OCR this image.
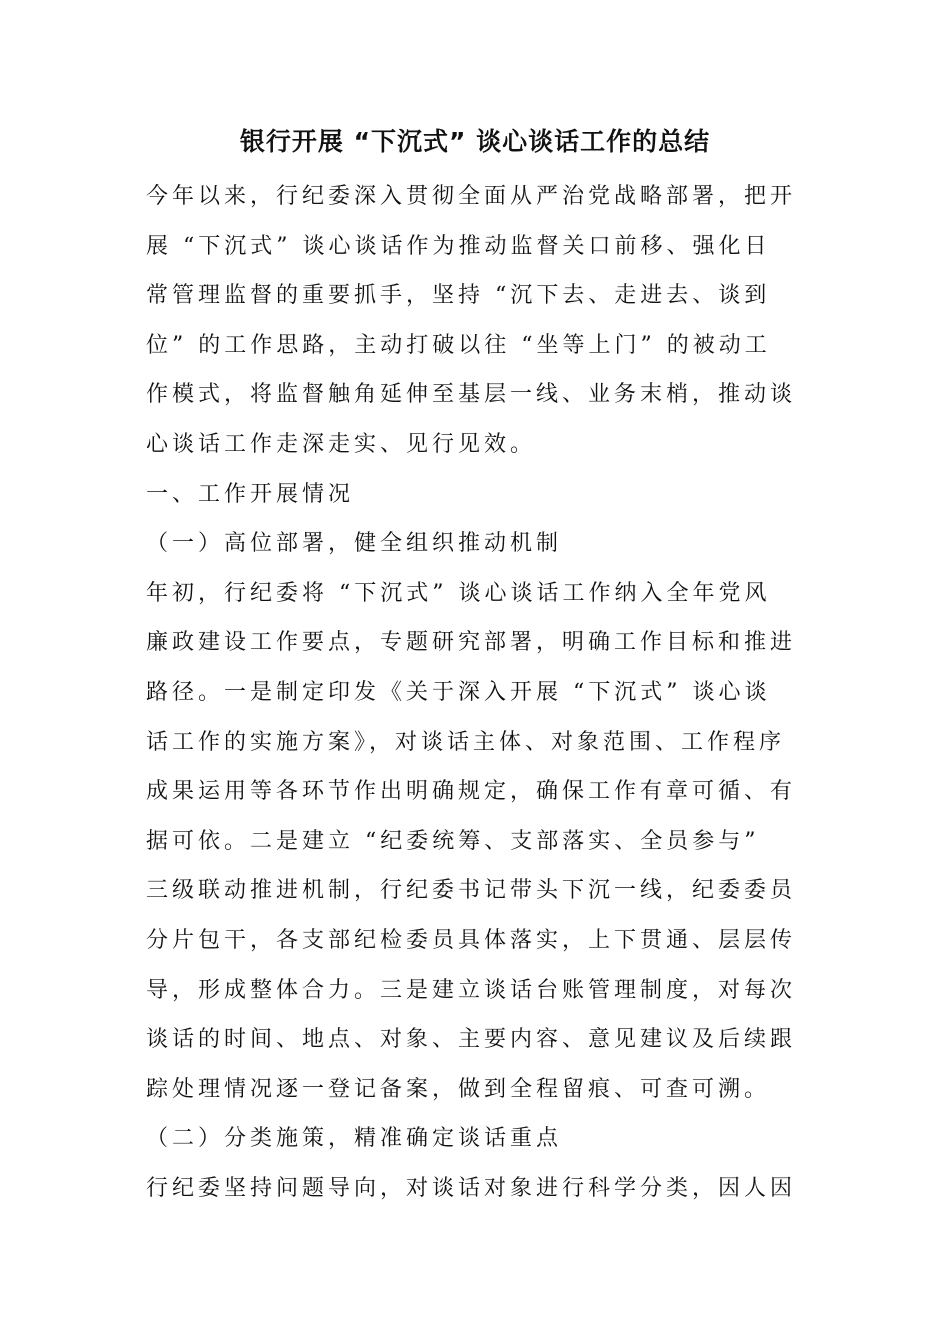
银行开展 “下沉式” 谈心谈话工作的总结
今年以来，行纪委深入贯彻全面从严治党战略部署，把开
展 “下沉式” 谈心谈话作为推动监督关口前移、强化日
常管理监督的重要抓手，坚持 “沉下去、走进去、谈到
位” 的工作思路，主动打破以往 “坐等上门” 的被动工
作模式，将监督触角延伸至基层一线、业务末梢，推动谈
心谈话工作走深走实、见行见效。
一、工作开展情况
（一）高位部署，健全组织推动机制
年初，行纪委将 “下沉式” 谈心谈话工作纳入全年党风
廉政建设工作要点，专题研究部署，明确工作目标和推进
路径。一是制定印发《关于深入开展 “下沉式” 谈心谈
话工作的实施方案》，对谈话主体、对象范围、工作程序
成果运用等各环节作出明确规定，确保工作有章可循、有
据可依。二是建立 “纪委统筹、支部落实、全员参与”
三级联动推进机制，行纪委书记带头下沉一线，纪委委员
分片包干，各支部纪检委员具体落实，上下贯通、层层传
导，形成整体合力。三是建立谈话台账管理制度，对每次
谈话的时间、地点、对象、主要内容、意见建议及后续跟
踪处理情况逐一登记备案，做到全程留痕、可查可溯。
（二）分类施策，精准确定谈话重点
行纪委坚持问题导向，对谈话对象进行科学分类，因人因
